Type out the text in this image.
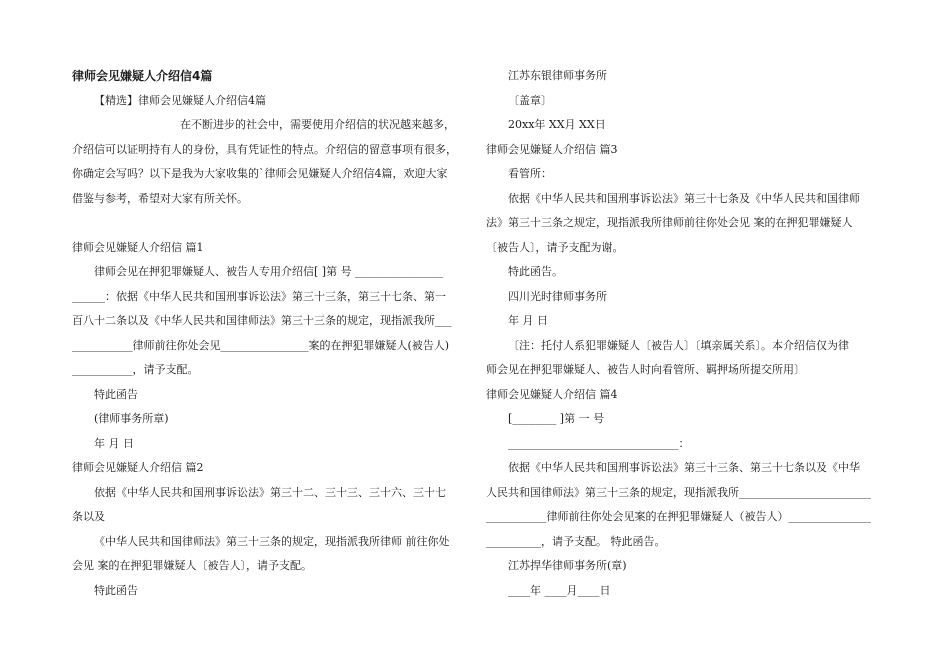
律师会见嫌疑人介绍信4篇
【精选】律师会见嫌疑人介绍信4篇
在不断进步的社会中，需要使用介绍信的状况越来越多，
介绍信可以证明持有人的身份，具有凭证性的特点。介绍信的留意事项有很多，
你确定会写吗？以下是我为大家收集的`律师会见嫌疑人介绍信4篇，欢迎大家
借鉴与参考，希望对大家有所关怀。
律师会见嫌疑人介绍信 篇1
律师会见在押犯罪嫌疑人、被告人专用介绍信[ ]第 号 ________________
______：依据《中华人民共和国刑事诉讼法》第三十三条，第三十七条、第一
百八十二条以及《中华人民共和国律师法》第三十三条的规定，现指派我所___
___________律师前往你处会见________________案的在押犯罪嫌疑人(被告人)
___________，请予支配。
特此函告
(律师事务所章)
年 月 日
律师会见嫌疑人介绍信 篇2
依据《中华人民共和国刑事诉讼法》第三十二、三十三、三十六、三十七
条以及
《中华人民共和国律师法》第三十三条的规定，现指派我所律师 前往你处
会见 案的在押犯罪嫌疑人〔被告人〕，请予支配。
特此函告
江苏东银律师事务所
〔盖章〕
20xx年 XX月 XX日
律师会见嫌疑人介绍信 篇3
看管所：
依据《中华人民共和国刑事诉讼法》第三十七条及《中华人民共和国律师
法》第三十三条之规定，现指派我所律师前往你处会见 案的在押犯罪嫌疑人
〔被告人〕，请予支配为谢。
特此函告。
四川光时律师事务所
年 月 日
〔注：托付人系犯罪嫌疑人〔被告人〕〔填亲属关系〕。本介绍信仅为律
师会见在押犯罪嫌疑人、被告人时向看管所、羁押场所提交所用〕
律师会见嫌疑人介绍信 篇4
[________ ]第 一 号
_______________________________：
依据《中华人民共和国刑事诉讼法》第三十三条、第三十七条以及《中华
人民共和国律师法》第三十三条的规定，现指派我所________________________
___________律师前往你处会见案的在押犯罪嫌疑人（被告人）_______________
__________，请予支配。 特此函告。
江苏捍华律师事务所(章)
____年 ____月____日
